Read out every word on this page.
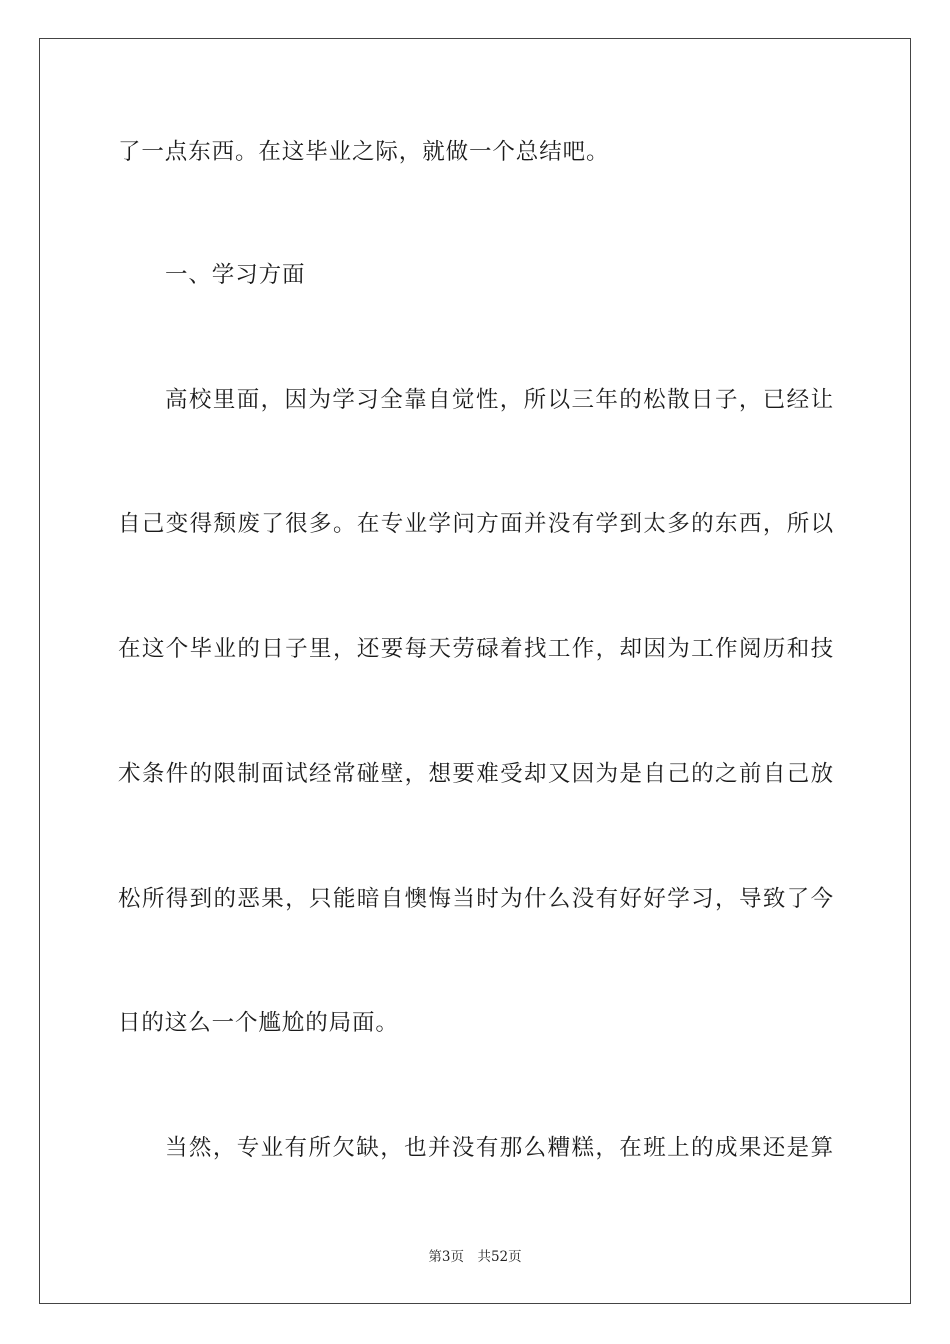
了一点东西。在这毕业之际，就做一个总结吧。
一、学习方面
高校里面，因为学习全靠自觉性，所以三年的松散日子，已经让
自己变得颓废了很多。在专业学问方面并没有学到太多的东西，所以
在这个毕业的日子里，还要每天劳碌着找工作，却因为工作阅历和技
术条件的限制面试经常碰壁，想要难受却又因为是自己的之前自己放
松所得到的恶果，只能暗自懊悔当时为什么没有好好学习，导致了今
日的这么一个尴尬的局面。
当然，专业有所欠缺，也并没有那么糟糕，在班上的成果还是算
第3页　共52页
